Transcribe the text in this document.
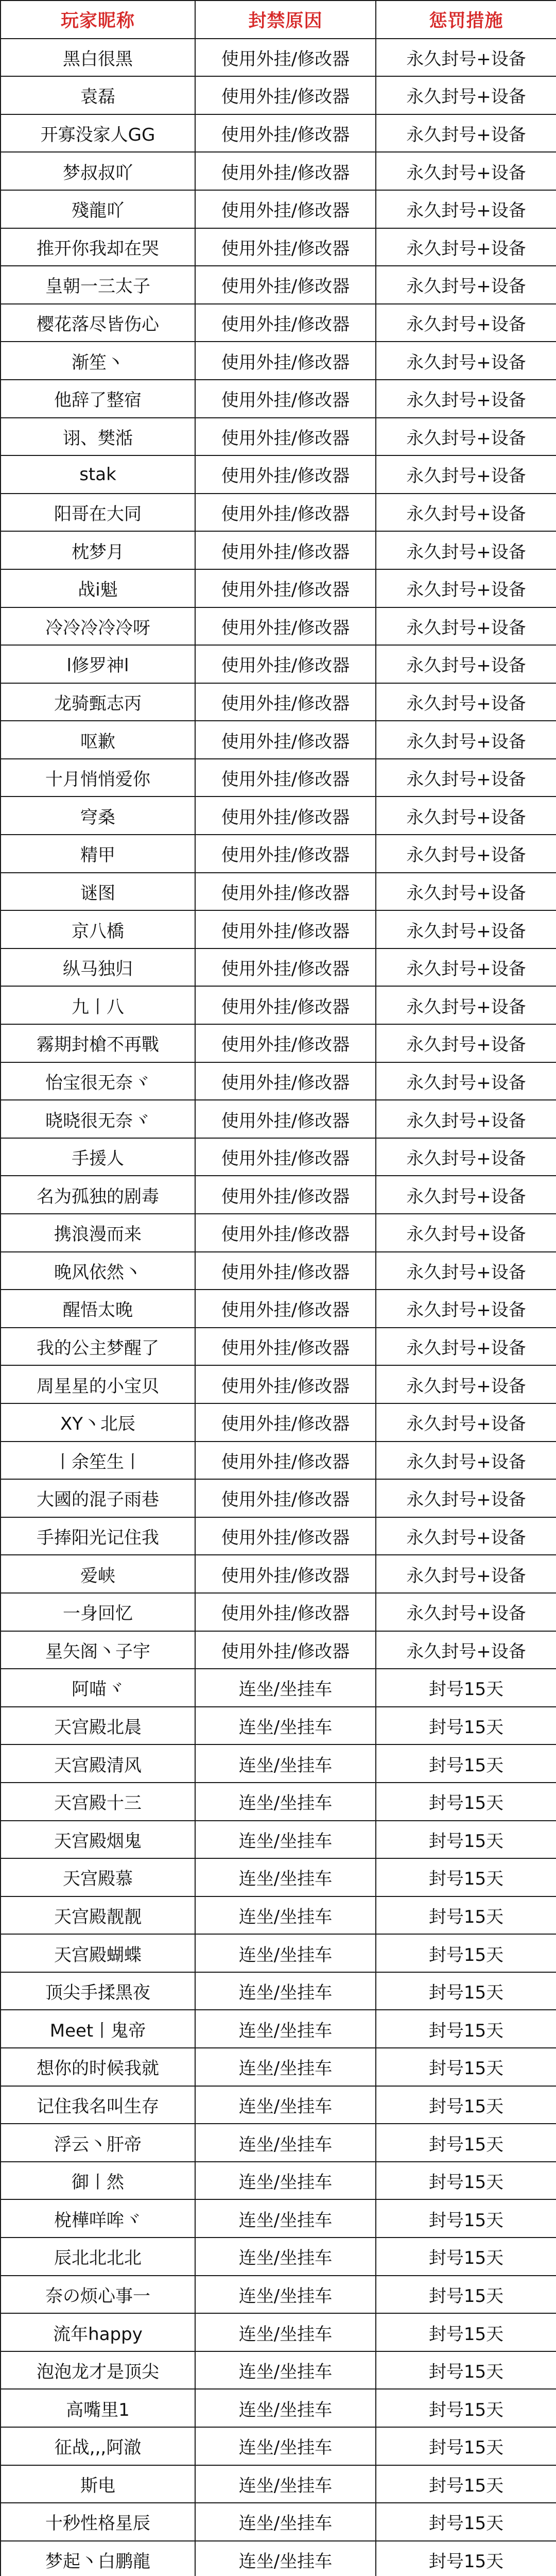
玩家昵称	封禁原因	惩罚措施
黑白很黑	使用外挂/修改器	永久封号+设备
袁磊	使用外挂/修改器	永久封号+设备
开寡没家人GG	使用外挂/修改器	永久封号+设备
梦叔叔吖	使用外挂/修改器	永久封号+设备
殘龍吖	使用外挂/修改器	永久封号+设备
推开你我却在哭	使用外挂/修改器	永久封号+设备
皇朝一三太子	使用外挂/修改器	永久封号+设备
樱花落尽皆伤心	使用外挂/修改器	永久封号+设备
渐笙丶	使用外挂/修改器	永久封号+设备
他辞了整宿	使用外挂/修改器	永久封号+设备
诩、樊湉	使用外挂/修改器	永久封号+设备
stak	使用外挂/修改器	永久封号+设备
阳哥在大同	使用外挂/修改器	永久封号+设备
枕梦月	使用外挂/修改器	永久封号+设备
战i魁	使用外挂/修改器	永久封号+设备
冷冷冷冷冷呀	使用外挂/修改器	永久封号+设备
l修罗神l	使用外挂/修改器	永久封号+设备
龙骑甄志丙	使用外挂/修改器	永久封号+设备
呕歉	使用外挂/修改器	永久封号+设备
十月悄悄爱你	使用外挂/修改器	永久封号+设备
穹桑	使用外挂/修改器	永久封号+设备
精甲	使用外挂/修改器	永久封号+设备
谜图	使用外挂/修改器	永久封号+设备
京八橋	使用外挂/修改器	永久封号+设备
纵马独归	使用外挂/修改器	永久封号+设备
九丨八	使用外挂/修改器	永久封号+设备
霧期封槍不再戰	使用外挂/修改器	永久封号+设备
怡宝很无奈ヾ	使用外挂/修改器	永久封号+设备
晓晓很无奈ヾ	使用外挂/修改器	永久封号+设备
手援人	使用外挂/修改器	永久封号+设备
名为孤独的剧毒	使用外挂/修改器	永久封号+设备
携浪漫而来	使用外挂/修改器	永久封号+设备
晚风依然丶	使用外挂/修改器	永久封号+设备
醒悟太晚	使用外挂/修改器	永久封号+设备
我的公主梦醒了	使用外挂/修改器	永久封号+设备
周星星的小宝贝	使用外挂/修改器	永久封号+设备
XY丶北辰	使用外挂/修改器	永久封号+设备
丨余笙生丨	使用外挂/修改器	永久封号+设备
大國的混子雨巷	使用外挂/修改器	永久封号+设备
手捧阳光记住我	使用外挂/修改器	永久封号+设备
爱峡	使用外挂/修改器	永久封号+设备
一身回忆	使用外挂/修改器	永久封号+设备
星矢阁丶子宇	使用外挂/修改器	永久封号+设备
阿喵ヾ	连坐/坐挂车	封号15天
天宫殿北晨	连坐/坐挂车	封号15天
天宫殿清风	连坐/坐挂车	封号15天
天宫殿十三	连坐/坐挂车	封号15天
天宫殿烟鬼	连坐/坐挂车	封号15天
天宫殿慕	连坐/坐挂车	封号15天
天宫殿靓靓	连坐/坐挂车	封号15天
天宫殿蝴蝶	连坐/坐挂车	封号15天
顶尖手揉黑夜	连坐/坐挂车	封号15天
Meet丨鬼帝	连坐/坐挂车	封号15天
想你的时候我就	连坐/坐挂车	封号15天
记住我名叫生存	连坐/坐挂车	封号15天
浮云丶肝帝	连坐/坐挂车	封号15天
御丨然	连坐/坐挂车	封号15天
梲樺咩哞ヾ	连坐/坐挂车	封号15天
辰北北北北	连坐/坐挂车	封号15天
奈の烦心事一	连坐/坐挂车	封号15天
流年happy	连坐/坐挂车	封号15天
泡泡龙才是顶尖	连坐/坐挂车	封号15天
高嘴里1	连坐/坐挂车	封号15天
征战,,,阿澈	连坐/坐挂车	封号15天
斯电	连坐/坐挂车	封号15天
十秒性格星辰	连坐/坐挂车	封号15天
梦起丶白鹏龍	连坐/坐挂车	封号15天
